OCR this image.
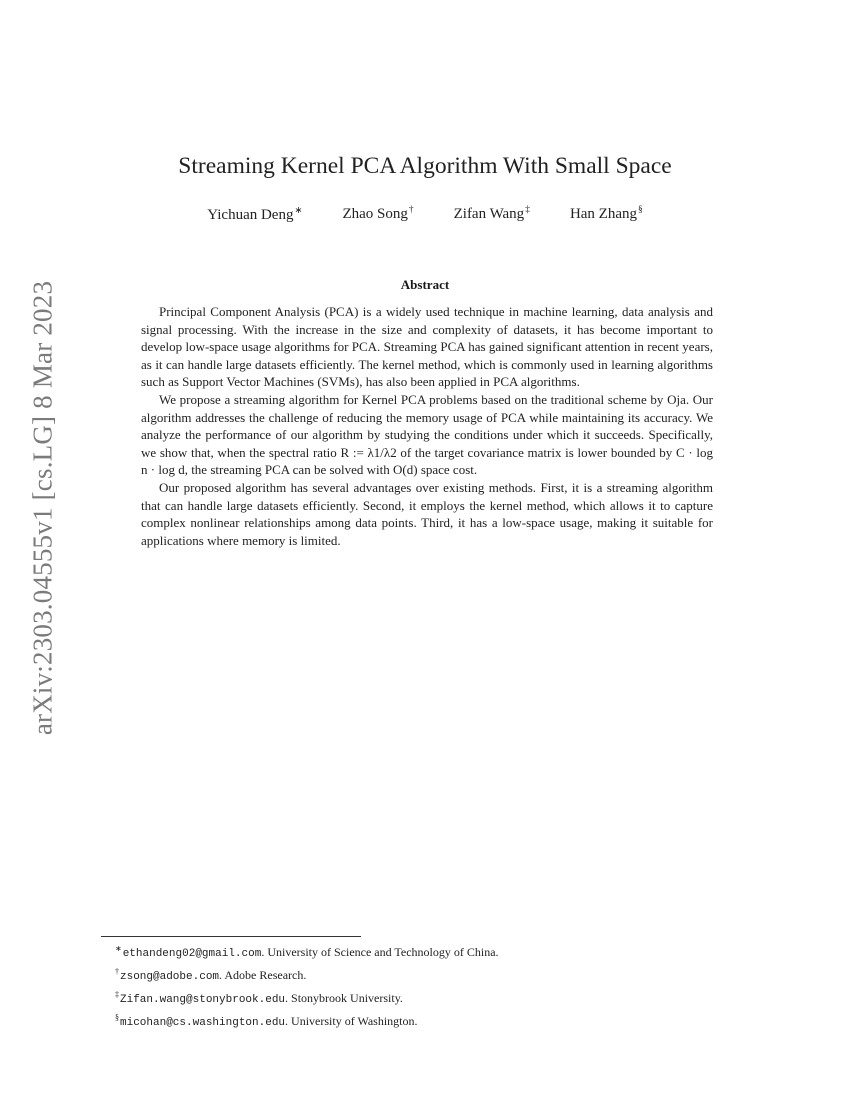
arXiv:2303.04555v1 [cs.LG] 8 Mar 2023
Streaming Kernel PCA Algorithm With Small Space
Yichuan Deng∗	Zhao Song†	Zifan Wang‡	Han Zhang§
Abstract

Principal Component Analysis (PCA) is a widely used technique in machine learning, data analysis and signal processing. With the increase in the size and complexity of datasets, it has become important to develop low-space usage algorithms for PCA. Streaming PCA has gained significant attention in recent years, as it can handle large datasets efficiently. The kernel method, which is commonly used in learning algorithms such as Support Vector Machines (SVMs), has also been applied in PCA algorithms.

We propose a streaming algorithm for Kernel PCA problems based on the traditional scheme by Oja. Our algorithm addresses the challenge of reducing the memory usage of PCA while maintaining its accuracy. We analyze the performance of our algorithm by studying the conditions under which it succeeds. Specifically, we show that, when the spectral ratio R := λ1/λ2 of the target covariance matrix is lower bounded by C · log n · log d, the streaming PCA can be solved with O(d) space cost.

Our proposed algorithm has several advantages over existing methods. First, it is a streaming algorithm that can handle large datasets efficiently. Second, it employs the kernel method, which allows it to capture complex nonlinear relationships among data points. Third, it has a low-space usage, making it suitable for applications where memory is limited.

∗ethandeng02@gmail.com. University of Science and Technology of China.
†zsong@adobe.com. Adobe Research.
‡Zifan.wang@stonybrook.edu. Stonybrook University.
§micohan@cs.washington.edu. University of Washington.
